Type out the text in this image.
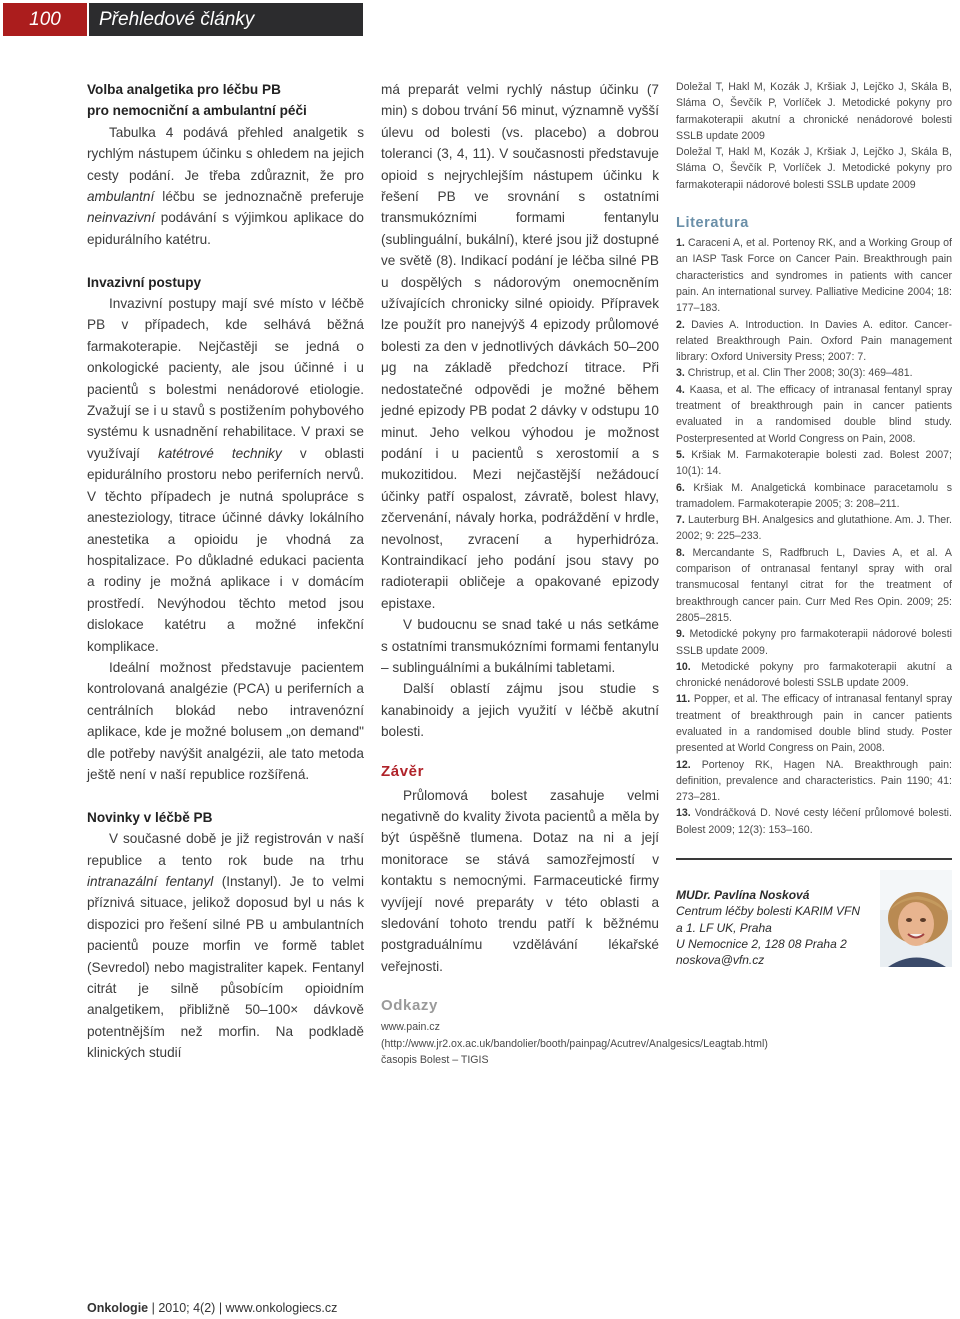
100	Přehledové články

Volba analgetika pro léčbu PB

pro nemocniční a ambulantní péči

Tabulka 4 podává přehled analgetik s rychlým nástupem účinku s ohledem na jejich cesty podání. Je třeba zdůraznit, že pro ambulantní léčbu se jednoznačně preferuje neinvazivní podávání s výjimkou aplikace do epidurálního katétru.

Invazivní postupy

Invazivní postupy mají své místo v léčbě PB v případech, kde selhává běžná farmakoterapie. Nejčastěji se jedná o onkologické pacienty, ale jsou účinné i u pacientů s bolestmi nenádorové etiologie. Zvažují se i u stavů s postižením pohybového systému k usnadnění rehabilitace. V praxi se využívají katétrové techniky v oblasti epidurálního prostoru nebo periferních nervů. V těchto případech je nutná spolupráce s anesteziology, titrace účinné dávky lokálního anestetika a opioidu je vhodná za hospitalizace. Po důkladné edukaci pacienta a rodiny je možná aplikace i v domácím prostředí. Nevýhodou těchto metod jsou dislokace katétru a možné infekční komplikace.

Ideální možnost představuje pacientem kontrolovaná analgézie (PCA) u periferních a centrálních blokád nebo intravenózní aplikace, kde je možné bolusem „on demand" dle potřeby navýšit analgézii, ale tato metoda ještě není v naší republice rozšířená.

Novinky v léčbě PB

V současné době je již registrován v naší republice a tento rok bude na trhu intranazální fentanyl (Instanyl). Je to velmi příznivá situace, jelikož doposud byl u nás k dispozici pro řešení silné PB u ambulantních pacientů pouze morfin ve formě tablet (Sevredol) nebo magistraliter kapek. Fentanyl citrát je silně působícím opioidním analgetikem, přibližně 50–100× dávkově potentnějším než morfin. Na podkladě klinických studií

má preparát velmi rychlý nástup účinku (7 min) s dobou trvání 56 minut, významně vyšší úlevu od bolesti (vs. placebo) a dobrou toleranci (3, 4, 11). V současnosti představuje opioid s nejrychlejším nástupem účinku k řešení PB ve srovnání s ostatními transmukózními formami fentanylu (sublinguální, bukální), které jsou již dostupné ve světě (8). Indikací podání je léčba silné PB u dospělých s nádorovým onemocněním užívajících chronicky silné opioidy. Přípravek lze použít pro nanejvýš 4 epizody průlomové bolesti za den v jednotlivých dávkách 50–200 μg na základě předchozí titrace. Při nedostatečné odpovědi je možné během jedné epizody PB podat 2 dávky v odstupu 10 minut. Jeho velkou výhodou je možnost podání i u pacientů s xerostomií a s mukozitidou. Mezi nejčastější nežádoucí účinky patří ospalost, závratě, bolest hlavy, zčervenání, návaly horka, podráždění v hrdle, nevolnost, zvracení a hyperhidróza. Kontraindikací jeho podání jsou stavy po radioterapii obličeje a opakované epizody epistaxe.

V budoucnu se snad také u nás setkáme s ostatními transmukózními formami fentanylu – sublinguálními a bukálními tabletami.

Další oblastí zájmu jsou studie s kanabinoidy a jejich využití v léčbě akutní bolesti.

Závěr

Průlomová bolest zasahuje velmi negativně do kvality života pacientů a měla by být úspěšně tlumena. Dotaz na ni a její monitorace se stává samozřejmostí v kontaktu s nemocnými. Farmaceutické firmy vyvíjejí nové preparáty v této oblasti a sledování tohoto trendu patří k běžnému postgraduálnímu vzdělávání lékařské veřejnosti.

Odkazy

www.pain.cz

(http://www.jr2.ox.ac.uk/bandolier/booth/painpag/Acutrev/Analgesics/Leagtab.html)

časopis Bolest – TIGIS

Doležal T, Hakl M, Kozák J, Kršiak J, Lejčko J, Skála B, Sláma O, Ševčík P, Vorlíček J. Metodické pokyny pro farmakoterapii akutní a chronické nenádorové bolesti SSLB update 2009

Doležal T, Hakl M, Kozák J, Kršiak J, Lejčko J, Skála B, Sláma O, Ševčík P, Vorlíček J. Metodické pokyny pro farmakoterapii nádorové bolesti SSLB update 2009

Literatura

1. Caraceni A, et al. Portenoy RK, and a Working Group of an IASP Task Force on Cancer Pain. Breakthrough pain characteristics and syndromes in patients with cancer pain. An international survey. Palliative Medicine 2004; 18: 177–183.

2. Davies A. Introduction. In Davies A. editor. Cancer-related Breakthrough Pain. Oxford Pain management library: Oxford University Press; 2007: 7.

3. Christrup, et al. Clin Ther 2008; 30(3): 469–481.

4. Kaasa, et al. The efficacy of intranasal fentanyl spray treatment of breakthrough pain in cancer patients evaluated in a randomised double blind study. Posterpresented at World Congress on Pain, 2008.

5. Kršiak M. Farmakoterapie bolesti zad. Bolest 2007; 10(1): 14.

6. Kršiak M. Analgetická kombinace paracetamolu s tramadolem. Farmakoterapie 2005; 3: 208–211.

7. Lauterburg BH. Analgesics and glutathione. Am. J. Ther. 2002; 9: 225–233.

8. Mercandante S, Radfbruch L, Davies A, et al. A comparison of ontranasal fentanyl spray with oral transmucosal fentanyl citrat for the treatment of breakthrough cancer pain. Curr Med Res Opin. 2009; 25: 2805–2815.

9. Metodické pokyny pro farmakoterapii nádorové bolesti SSLB update 2009.

10. Metodické pokyny pro farmakoterapii akutní a chronické nenádorové bolesti SSLB update 2009.

11. Popper, et al. The efficacy of intranasal fentanyl spray treatment of breakthrough pain in cancer patients evaluated in a randomised double blind study. Poster presented at World Congress on Pain, 2008.

12. Portenoy RK, Hagen NA. Breakthrough pain: definition, prevalence and characteristics. Pain 1190; 41: 273–281.

13. Vondráčková D. Nové cesty léčení průlomové bolesti. Bolest 2009; 12(3): 153–160.

MUDr. Pavlína Nosková
Centrum léčby bolesti KARIM VFN
a 1. LF UK, Praha
U Nemocnice 2, 128 08 Praha 2
noskova@vfn.cz
Onkologie | 2010; 4(2) | www.onkologiecs.cz
